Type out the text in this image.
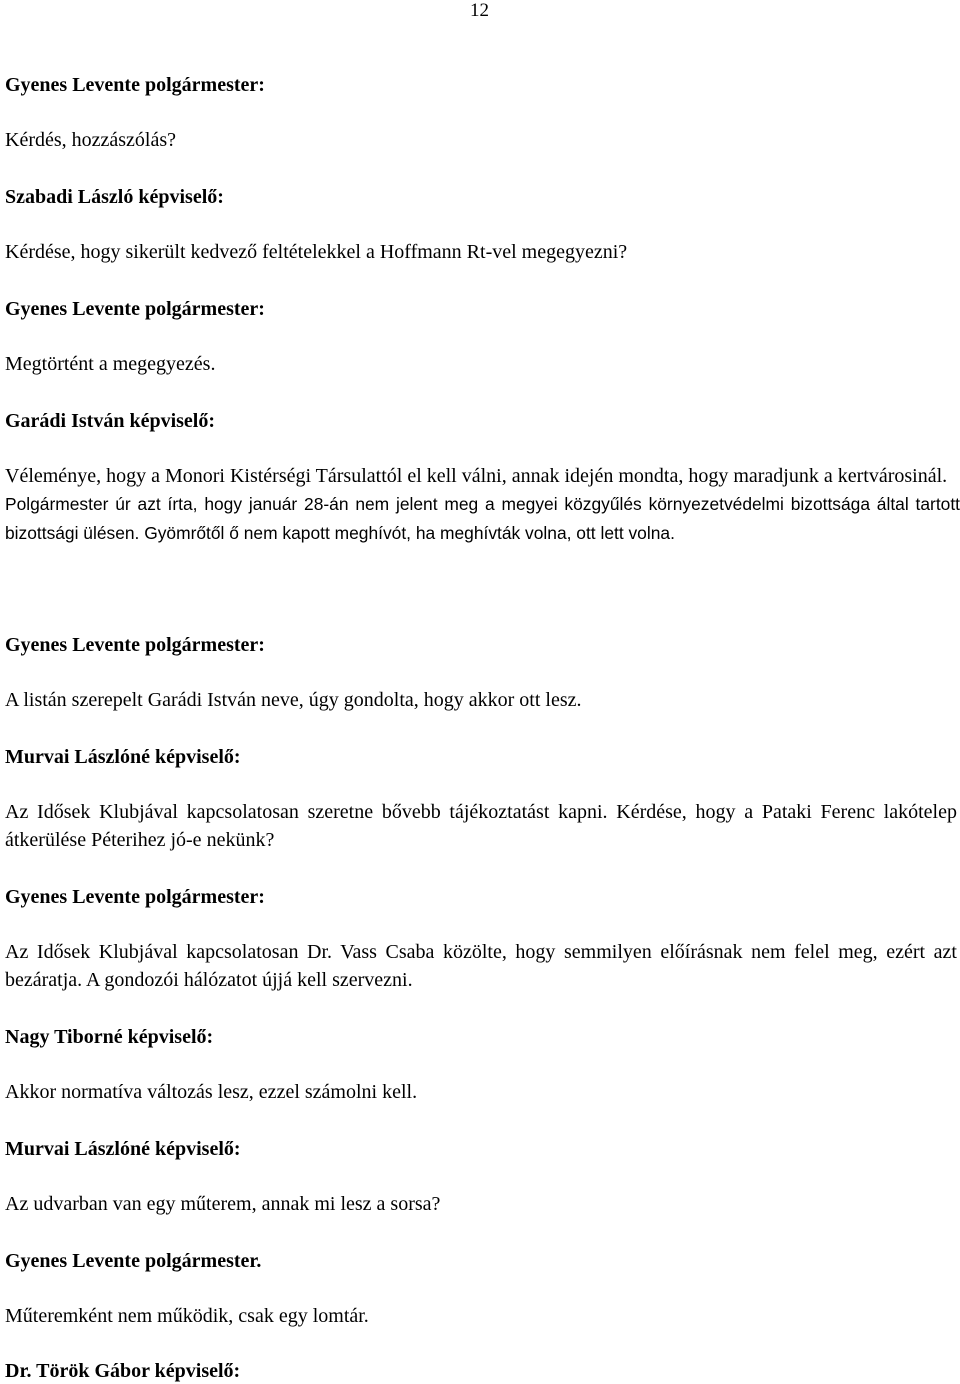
12
Gyenes Levente polgármester:
Kérdés, hozzászólás?
Szabadi László képviselő:
Kérdése, hogy sikerült kedvező feltételekkel a Hoffmann Rt-vel megegyezni?
Gyenes Levente polgármester:
Megtörtént a megegyezés.
Garádi István képviselő:

Véleménye, hogy a Monori Kistérségi Társulattól el kell válni, annak idején mondta, hogy maradjunk a kertvárosinál.

Polgármester úr azt írta, hogy január 28-án nem jelent meg a megyei közgyűlés környezetvédelmi bizottsága által tartott bizottsági ülésen. Gyömrőtől ő nem kapott meghívót, ha meghívták volna, ott lett volna.

Gyenes Levente polgármester:
A listán szerepelt Garádi István neve, úgy gondolta, hogy akkor ott lesz.
Murvai Lászlóné képviselő:
Az Idősek Klubjával kapcsolatosan szeretne bővebb tájékoztatást kapni. Kérdése, hogy a Pataki Ferenc lakótelep átkerülése Péterihez jó-e nekünk?
Gyenes Levente polgármester:
Az Idősek Klubjával kapcsolatosan Dr. Vass Csaba közölte, hogy semmilyen előírásnak nem felel meg, ezért azt bezáratja. A gondozói hálózatot újjá kell szervezni.
Nagy Tiborné képviselő:
Akkor normatíva változás lesz, ezzel számolni kell.
Murvai Lászlóné képviselő:
Az udvarban van egy műterem, annak mi lesz a sorsa?
Gyenes Levente polgármester.
Műteremként nem működik, csak egy lomtár.
Dr. Török Gábor képviselő:
